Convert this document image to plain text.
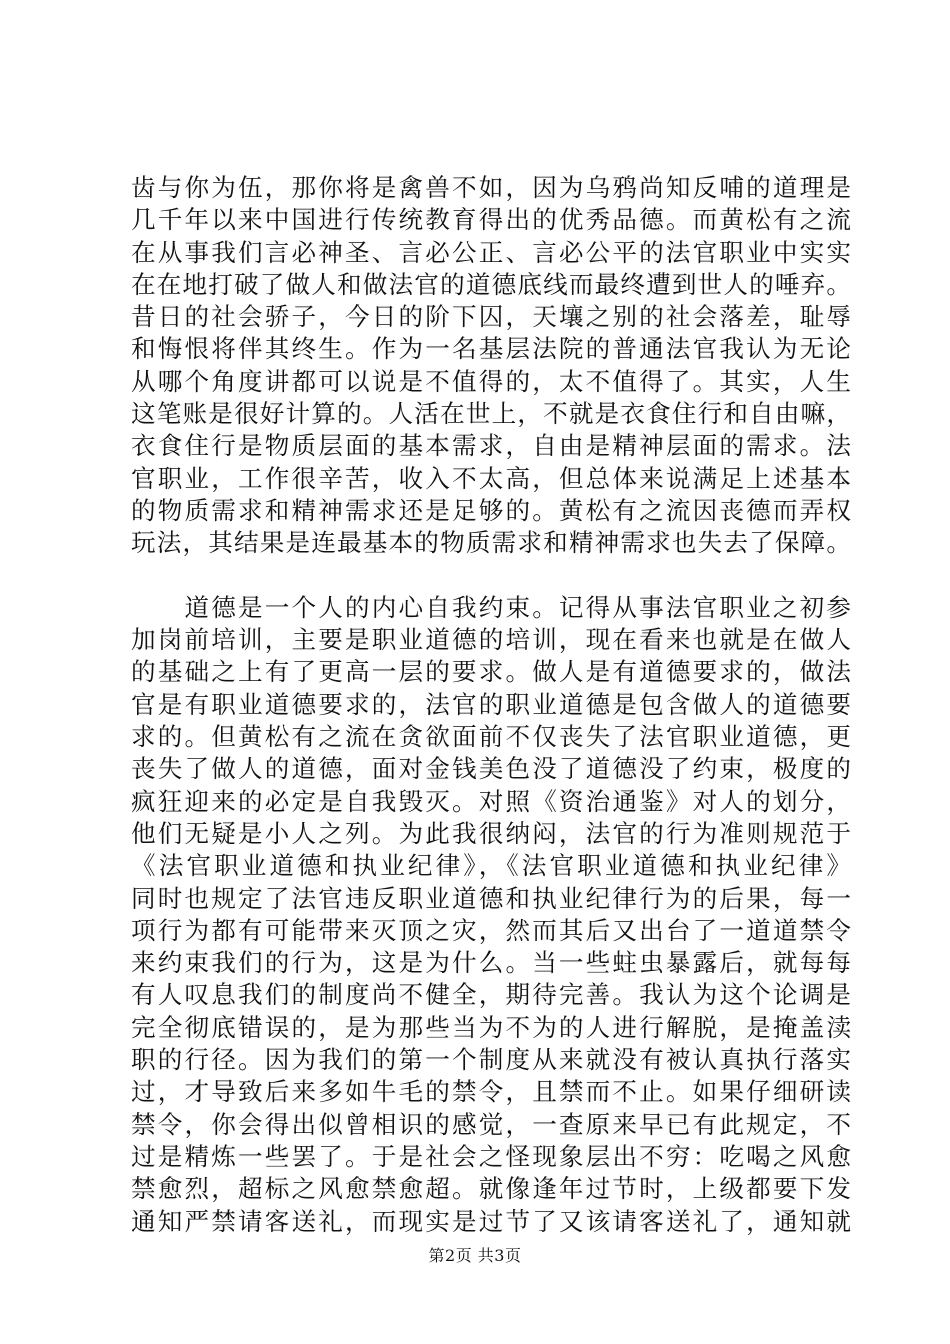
齿与你为伍，那你将是禽兽不如，因为乌鸦尚知反哺的道理是
几千年以来中国进行传统教育得出的优秀品德。而黄松有之流
在从事我们言必神圣、言必公正、言必公平的法官职业中实实
在在地打破了做人和做法官的道德底线而最终遭到世人的唾弃。
昔日的社会骄子，今日的阶下囚，天壤之别的社会落差，耻辱
和悔恨将伴其终生。作为一名基层法院的普通法官我认为无论
从哪个角度讲都可以说是不值得的，太不值得了。其实，人生
这笔账是很好计算的。人活在世上，不就是衣食住行和自由嘛，
衣食住行是物质层面的基本需求，自由是精神层面的需求。法
官职业，工作很辛苦，收入不太高，但总体来说满足上述基本
的物质需求和精神需求还是足够的。黄松有之流因丧德而弄权
玩法，其结果是连最基本的物质需求和精神需求也失去了保障。
　　道德是一个人的内心自我约束。记得从事法官职业之初参
加岗前培训，主要是职业道德的培训，现在看来也就是在做人
的基础之上有了更高一层的要求。做人是有道德要求的，做法
官是有职业道德要求的，法官的职业道德是包含做人的道德要
求的。但黄松有之流在贪欲面前不仅丧失了法官职业道德，更
丧失了做人的道德，面对金钱美色没了道德没了约束，极度的
疯狂迎来的必定是自我毁灭。对照《资治通鉴》对人的划分，
他们无疑是小人之列。为此我很纳闷，法官的行为准则规范于
《法官职业道德和执业纪律》，《法官职业道德和执业纪律》
同时也规定了法官违反职业道德和执业纪律行为的后果，每一
项行为都有可能带来灭顶之灾，然而其后又出台了一道道禁令
来约束我们的行为，这是为什么。当一些蛀虫暴露后，就每每
有人叹息我们的制度尚不健全，期待完善。我认为这个论调是
完全彻底错误的，是为那些当为不为的人进行解脱，是掩盖渎
职的行径。因为我们的第一个制度从来就没有被认真执行落实
过，才导致后来多如牛毛的禁令，且禁而不止。如果仔细研读
禁令，你会得出似曾相识的感觉，一查原来早已有此规定，不
过是精炼一些罢了。于是社会之怪现象层出不穷：吃喝之风愈
禁愈烈，超标之风愈禁愈超。就像逢年过节时，上级都要下发
通知严禁请客送礼，而现实是过节了又该请客送礼了，通知就
第2页 共3页
